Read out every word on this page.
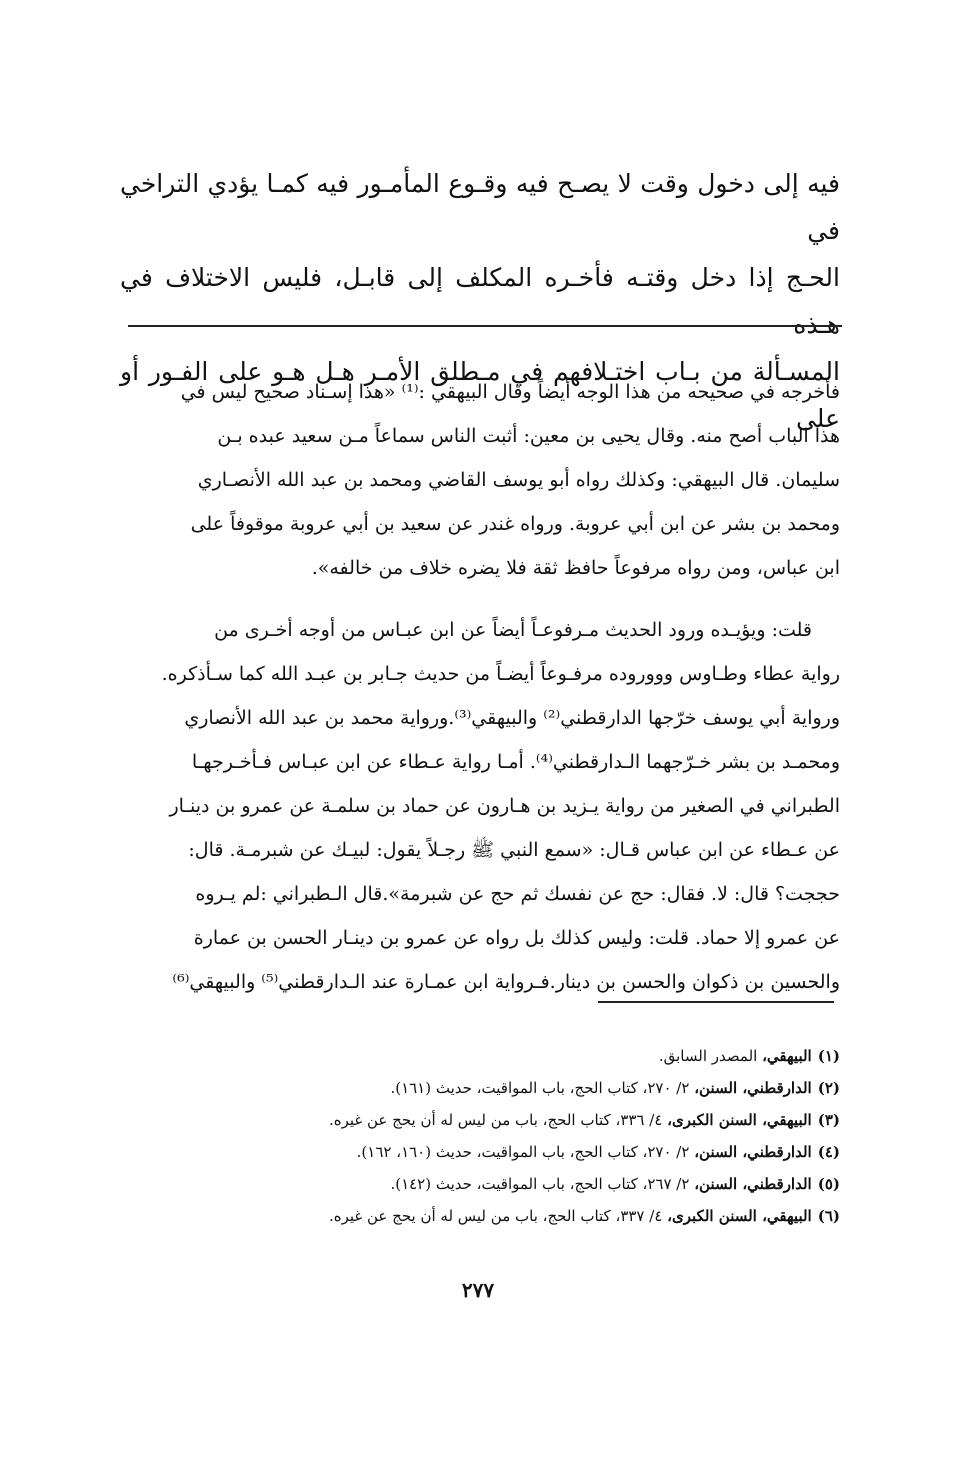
فيه إلى دخول وقت لا يصـح فيه وقـوع المأمـور فيه كمـا يؤدي التراخي في

الحـج إذا دخل وقتـه فأخـره المكلف إلى قابـل، فليس الاختلاف في هـذه

المسـألة من بـاب اختـلافهم في مـطلق الأمـر هـل هـو على الفـور أو على

فأخرجه في صحيحه من هذا الوجه أيضاً وقال البيهقي :⁽¹⁾ «هذا إسـناد صحيح ليس في

هذا الباب أصح منه. وقال يحيى بن معين: أثبت الناس سماعاً مـن سعيد عبده بـن

سليمان. قال البيهقي: وكذلك رواه أبو يوسف القاضي ومحمد بن عبد الله الأنصـاري

ومحمد بن بشر عن ابن أبي عروبة. ورواه غندر عن سعيد بن أبي عروبة موقوفاً على

ابن عباس، ومن رواه مرفوعاً حافظ ثقة فلا يضره خلاف من خالفه».

قلت: ويؤيـده ورود الحديث مـرفوعـاً أيضاً عن ابن عبـاس من أوجه أخـرى من

رواية عطاء وطـاوس وووروده مرفـوعاً أيضـاً من حديث جـابر بن عبـد الله كما سـأذكره.

ورواية أبي يوسف خرّجها الدارقطني⁽²⁾ والبيهقي⁽³⁾.ورواية محمد بن عبد الله الأنصاري

ومحمـد بن بشر خـرّجهما الـدارقطني⁽⁴⁾. أمـا رواية عـطاء عن ابن عبـاس فـأخـرجهـا

الطبراني في الصغير من رواية يـزيد بن هـارون عن حماد بن سلمـة عن عمرو بن دينـار

عن عـطاء عن ابن عباس قـال: «سمع النبي ﷺ رجـلاً يقول: لبيـك عن شبرمـة. قال:

حججت؟ قال: لا. فقال: حج عن نفسك ثم حج عن شبرمة».قال الـطبراني :لم يـروه

عن عمرو إلا حماد. قلت: وليس كذلك بل رواه عن عمرو بن دينـار الحسن بن عمارة

والحسين بن ذكوان والحسن بن دينار.فـرواية ابن عمـارة عند الـدارقطني⁽⁵⁾ والبيهقي⁽⁶⁾

(١)البيهقي، المصدر السابق.
(٢)الدارقطني، السنن، ٢/ ٢٧٠، كتاب الحج، باب المواقيت، حديث (١٦١).
(٣)البيهقي، السنن الكبرى، ٤/ ٣٣٦، كتاب الحج، باب من ليس له أن يحج عن غيره.
(٤)الدارقطني، السنن، ٢/ ٢٧٠، كتاب الحج، باب المواقيت، حديث (١٦٠، ١٦٢).
(٥)الدارقطني، السنن، ٢/ ٢٦٧، كتاب الحج، باب المواقيت، حديث (١٤٢).
(٦)البيهقي، السنن الكبرى، ٤/ ٣٣٧، كتاب الحج، باب من ليس له أن يحج عن غيره.
٢٧٧
